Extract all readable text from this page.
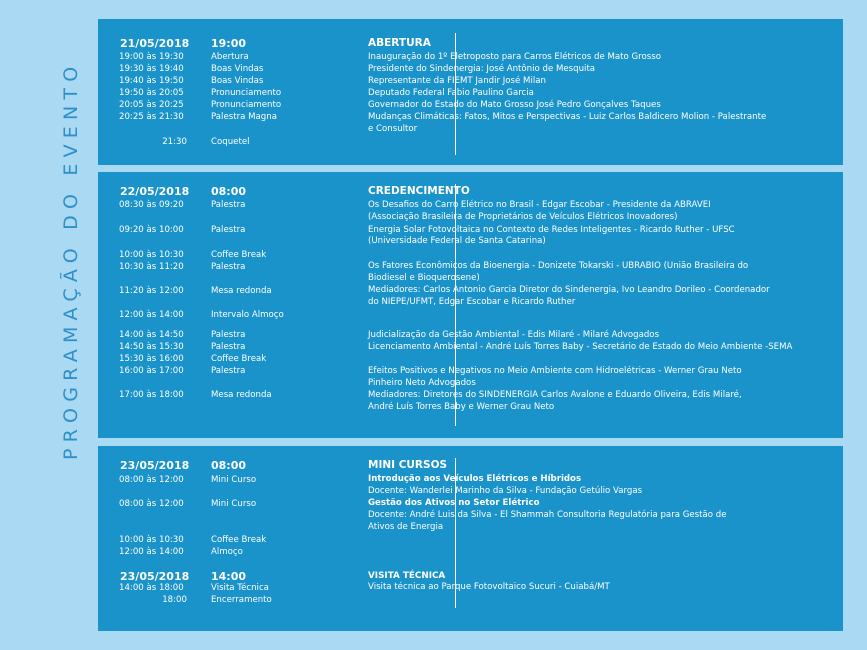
PROGRAMAÇÃO DO EVENTO
21/05/2018 19:00	ABERTURA
19:00 às 19:30	Abertura	Inauguração do 1º Eletroposto para Carros Elétricos de Mato Grosso
19:30 às 19:40	Boas Vindas	Presidente do Sindenergia: José Antônio de Mesquita
19:40 às 19:50	Boas Vindas	Representante da FIEMT Jandir José Milan
19:50 às 20:05	Pronunciamento	Deputado Federal Fabio Paulino Garcia
20:05 às 20:25	Pronunciamento	Governador do Estado do Mato Grosso José Pedro Gonçalves Taques
20:25 às 21:30	Palestra Magna	Mudanças Climáticas: Fatos, Mitos e Perspectivas - Luiz Carlos Baldicero Molion - Palestrante
e Consultor
21:30	Coquetel
22/05/2018 08:00	CREDENCIMENTO
08:30 às 09:20	Palestra	Os Desafios do Carro Elétrico no Brasil - Edgar Escobar - Presidente da ABRAVEI
(Associação Brasileira de Proprietários de Veículos Elétricos Inovadores)
09:20 às 10:00	Palestra	Energia Solar Fotovoltaica no Contexto de Redes Inteligentes - Ricardo Ruther - UFSC
(Universidade Federal de Santa Catarina)
10:00 às 10:30	Coffee Break
10:30 às 11:20	Palestra	Os Fatores Econômicos da Bioenergia - Donizete Tokarski - UBRABIO (União Brasileira do
Biodiesel e Bioquerosene)
11:20 às 12:00	Mesa redonda	Mediadores: Carlos Antonio Garcia Diretor do Sindenergia, Ivo Leandro Dorileo - Coordenador
do NIEPE/UFMT, Edgar Escobar e Ricardo Ruther
12:00 às 14:00	Intervalo Almoço
14:00 às 14:50	Palestra	Judicialização da Gestão Ambiental - Edis Milaré - Milaré Advogados
14:50 às 15:30	Palestra	Licenciamento Ambiental - André Luís Torres Baby - Secretário de Estado do Meio Ambiente -SEMA
15:30 às 16:00	Coffee Break
16:00 às 17:00	Palestra	Efeitos Positivos e Negativos no Meio Ambiente com Hidroelétricas - Werner Grau Neto
Pinheiro Neto Advogados
17:00 às 18:00	Mesa redonda	Mediadores: Diretores do SINDENERGIA Carlos Avalone e Eduardo Oliveira, Edis Milaré,
André Luís Torres Baby e Werner Grau Neto
23/05/2018 08:00	MINI CURSOS
08:00 às 12:00	Mini Curso	Introdução aos Veículos Elétricos e Híbridos
Docente: Wanderlei Marinho da Silva - Fundação Getúlio Vargas
08:00 às 12:00	Mini Curso	Gestão dos Ativos no Setor Elétrico
Docente: André Luis da Silva - El Shammah Consultoria Regulatória para Gestão de
Ativos de Energia
10:00 às 10:30	Coffee Break
12:00 às 14:00	Almoço
23/05/2018 14:00	VISITA TÉCNICA
14:00 às 18:00	Visita Técnica	Visita técnica ao Parque Fotovoltaico Sucuri - Cuiabá/MT
18:00	Encerramento
